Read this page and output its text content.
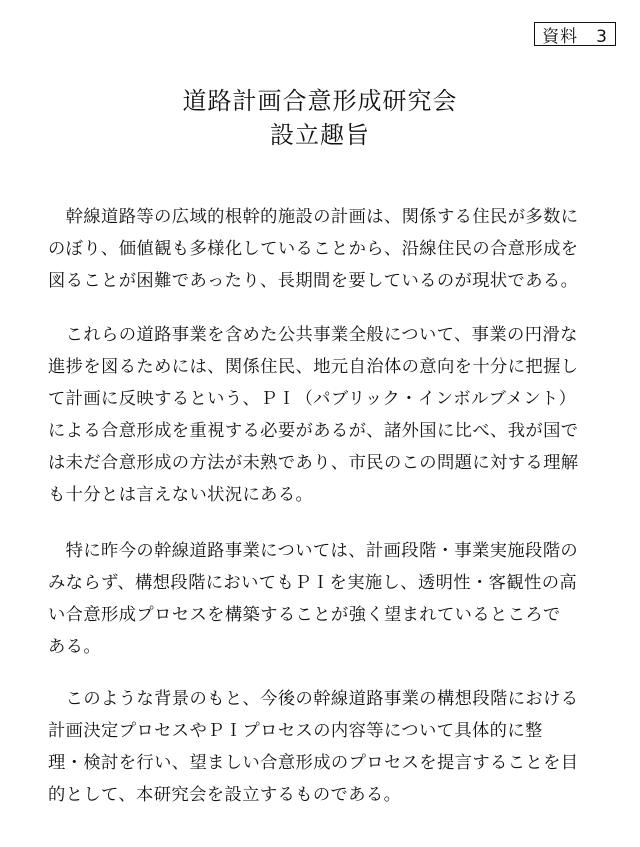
資料　3
道路計画合意形成研究会
設立趣旨
　幹線道路等の広域的根幹的施設の計画は、関係する住民が多数に
のぼり、価値観も多様化していることから、沿線住民の合意形成を
図ることが困難であったり、長期間を要しているのが現状である。
　これらの道路事業を含めた公共事業全般について、事業の円滑な
進捗を図るためには、関係住民、地元自治体の意向を十分に把握し
て計画に反映するという、ＰＩ（パブリック・インボルブメント）
による合意形成を重視する必要があるが、諸外国に比べ、我が国で
は未だ合意形成の方法が未熟であり、市民のこの問題に対する理解
も十分とは言えない状況にある。
　特に昨今の幹線道路事業については、計画段階・事業実施段階の
みならず、構想段階においてもＰＩを実施し、透明性・客観性の高
い合意形成プロセスを構築することが強く望まれているところで
ある。
　このような背景のもと、今後の幹線道路事業の構想段階における
計画決定プロセスやＰＩプロセスの内容等について具体的に整
理・検討を行い、望ましい合意形成のプロセスを提言することを目
的として、本研究会を設立するものである。
